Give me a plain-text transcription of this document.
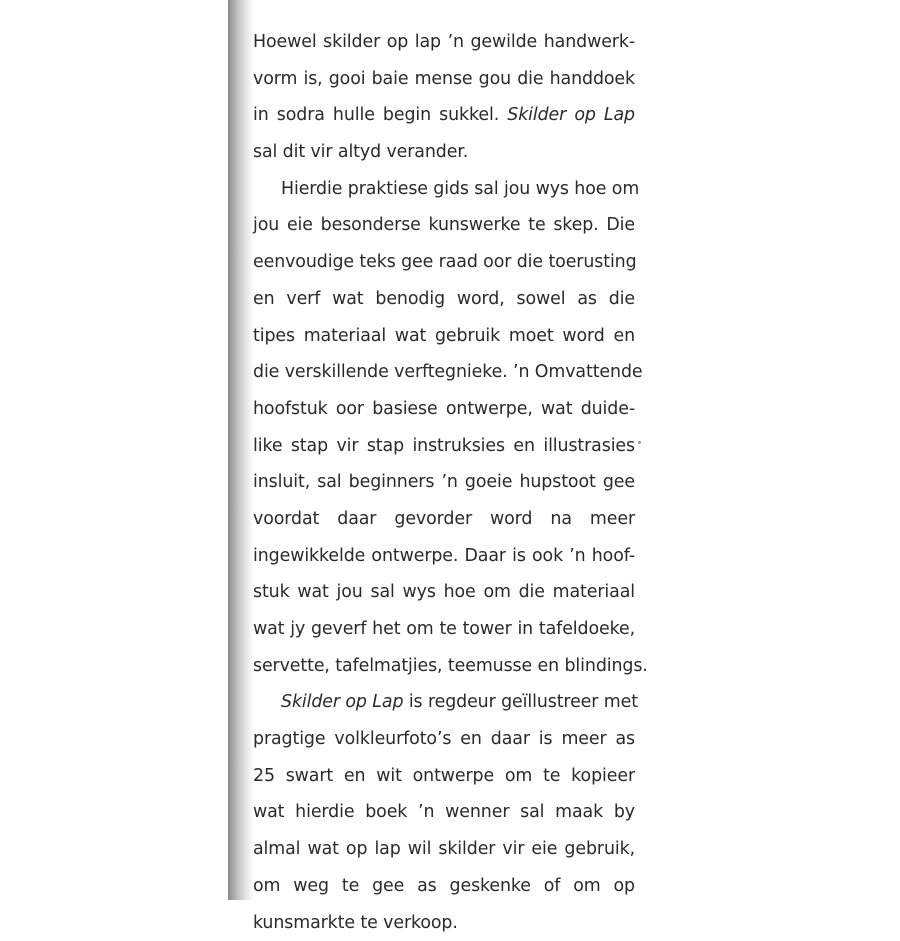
Hoewel skilder op lap ’n gewilde handwerk-
vorm is, gooi baie mense gou die handdoek
in sodra hulle begin sukkel. Skilder op Lap
sal dit vir altyd verander.
Hierdie praktiese gids sal jou wys hoe om
jou eie besonderse kunswerke te skep. Die
eenvoudige teks gee raad oor die toerusting
en verf wat benodig word, sowel as die
tipes materiaal wat gebruik moet word en
die verskillende verftegnieke. ’n Omvattende
hoofstuk oor basiese ontwerpe, wat duide-
like stap vir stap instruksies en illustrasies
insluit, sal beginners ’n goeie hupstoot gee
voordat daar gevorder word na meer
ingewikkelde ontwerpe. Daar is ook ’n hoof-
stuk wat jou sal wys hoe om die materiaal
wat jy geverf het om te tower in tafeldoeke,
servette, tafelmatjies, teemusse en blindings.
Skilder op Lap is regdeur geïllustreer met
pragtige volkleurfoto’s en daar is meer as
25 swart en wit ontwerpe om te kopieer
wat hierdie boek ’n wenner sal maak by
almal wat op lap wil skilder vir eie gebruik,
om weg te gee as geskenke of om op
kunsmarkte te verkoop.
